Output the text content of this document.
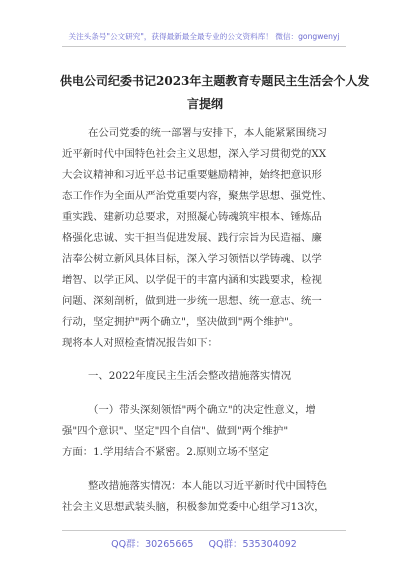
关注头条号"公文研究"，获得最新最全最专业的公文资料库！ 微信：gongwenyj
供电公司纪委书记2023年主题教育专题民主生活会个人发
言提纲
在公司党委的统一部署与安排下，本人能紧紧围绕习
近平新时代中国特色社会主义思想，深入学习贯彻党的XX
大会议精神和习近平总书记重要魅励精神，始终把意识形
态工作作为全面从严治党重要内容，聚焦学思想、强党性、
重实践、建新功总要求，对照凝心铸魂筑牢根本、锤炼品
格强化忠诚、实干担当促进发展、践行宗旨为民造福、廉
洁奉公树立新风具体目标，深入学习领悟以学铸魂、以学
增智、以学正风、以学促干的丰富内涵和实践要求，检视
问题、深刻剖析，做到进一步统一思想、统一意志、统一
行动，坚定拥护"两个确立"，坚决做到"两个维护"。
现将本人对照检查情况报告如下：
一、2022年度民主生活会整改措施落实情况
（一）带头深刻领悟"两个确立"的决定性意义，增
强"四个意识"、坚定"四个自信"、做到"两个维护"
方面：1.学用结合不紧密。2.原则立场不坚定
整改措施落实情况：本人能以习近平新时代中国特色
社会主义思想武装头脑，积极参加党委中心组学习13次，
QQ群：30265665 QQ群：535304092
